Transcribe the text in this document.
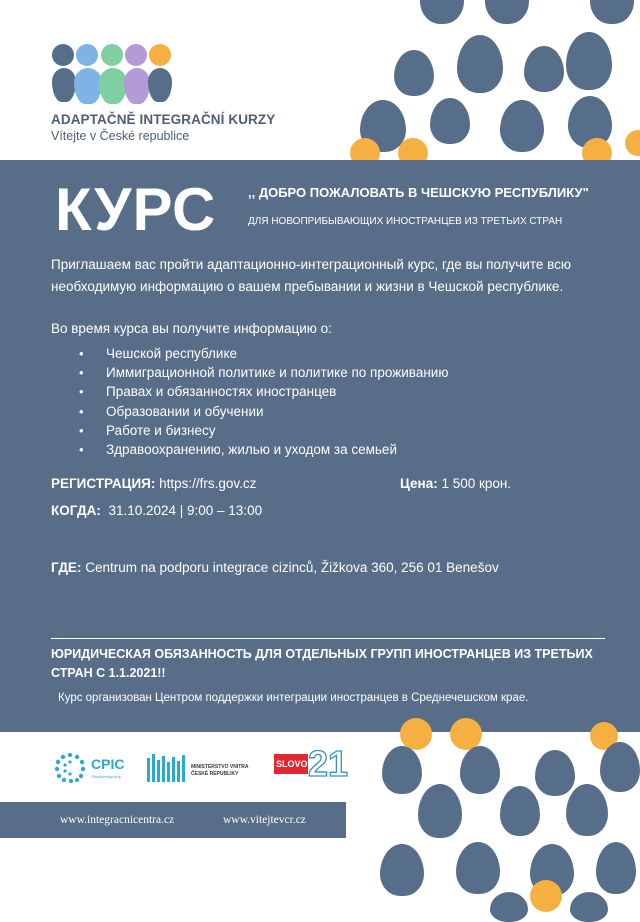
ADAPTAČNĚ INTEGRAČNÍ KURZY
Vítejte v České republice
КУРС ,, ДОБРО ПОЖАЛОВАТЬ В ЧЕШСКУЮ РЕСПУБЛИКУ"
ДЛЯ НОВОПРИБЫВАЮЩИХ ИНОСТРАНЦЕВ ИЗ ТРЕТЬИХ СТРАН
Приглашаем вас пройти адаптационно-интеграционный курс, где вы получите всю
необходимую информацию о вашем пребывании и жизни в Чешской республике.
Во время курса вы получите информацию о:
• Чешской республике
• Иммиграционной политике и политике по проживанию
• Правах и обязанностях иностранцев
• Образовании и обучении
• Работе и бизнесу
• Здравоохранению, жилью и уходом за семьей
РЕГИСТРАЦИЯ: https://frs.gov.cz	Цена: 1 500 крон.
КОГДА: 31.10.2024 | 9:00 – 13:00
ГДЕ: Centrum na podporu integrace cizinců, Žižkova 360, 256 01 Benešov
ЮРИДИЧЕСКАЯ ОБЯЗАННОСТЬ ДЛЯ ОТДЕЛЬНЫХ ГРУПП ИНОСТРАНЦЕВ ИЗ ТРЕТЬИХ СТРАН С 1.1.2021!!
Курс организован Центром поддержки интеграции иностранцев в Среднечешском крае.
CPIC
Středočeský kraj
MINISTERSTVO VNITRA
ČESKÉ REPUBLIKY
SLOVO 21
www.integracnicentra.cz	www.vitejtevcr.cz
